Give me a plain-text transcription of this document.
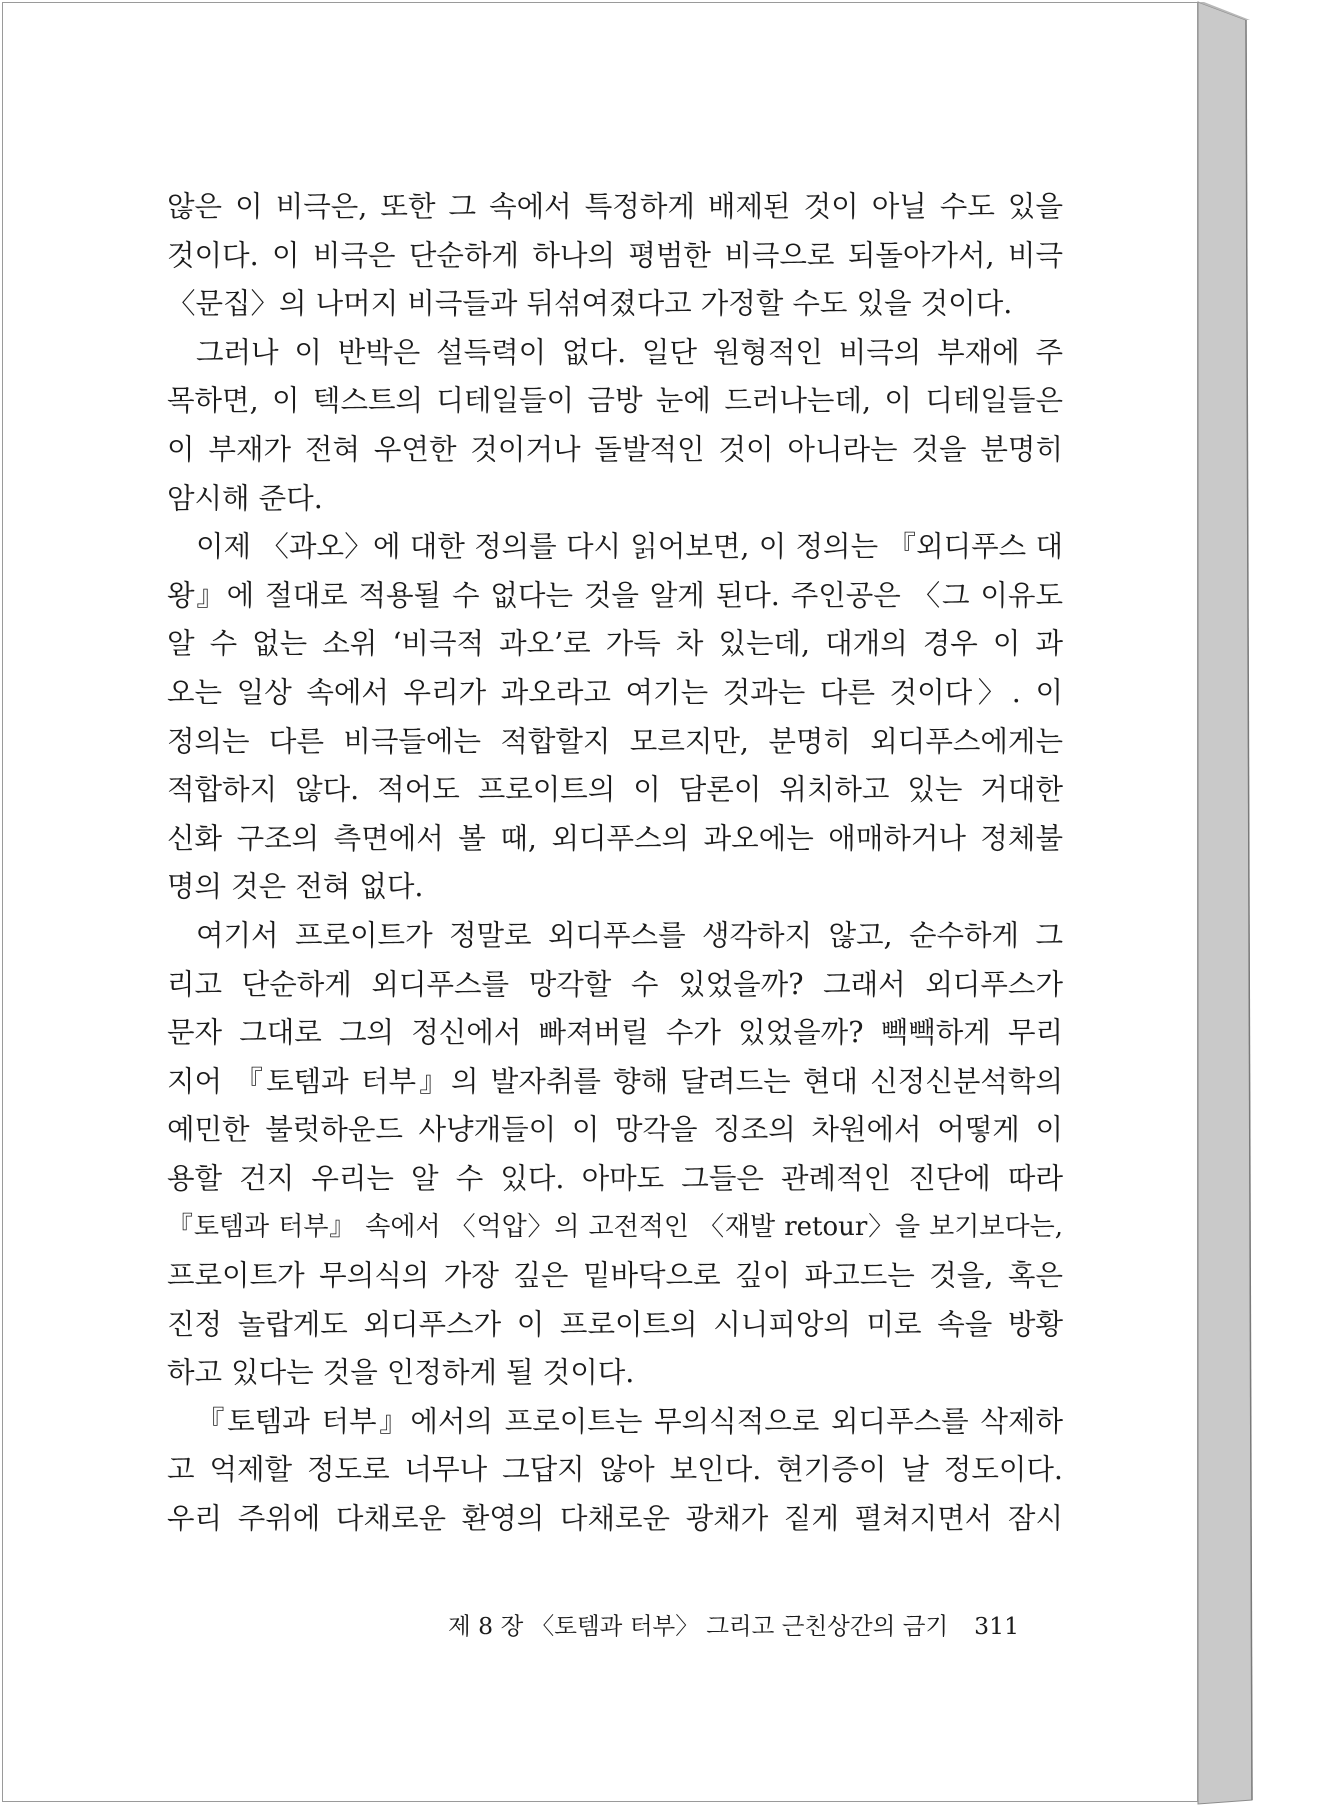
않은 이 비극은, 또한 그 속에서 특정하게 배제된 것이 아닐 수도 있을
것이다. 이 비극은 단순하게 하나의 평범한 비극으로 되돌아가서, 비극
〈문집〉의 나머지 비극들과 뒤섞여졌다고 가정할 수도 있을 것이다.
그러나 이 반박은 설득력이 없다. 일단 원형적인 비극의 부재에 주
목하면, 이 텍스트의 디테일들이 금방 눈에 드러나는데, 이 디테일들은
이 부재가 전혀 우연한 것이거나 돌발적인 것이 아니라는 것을 분명히
암시해 준다.
이제 〈과오〉에 대한 정의를 다시 읽어보면, 이 정의는 『외디푸스 대
왕』에 절대로 적용될 수 없다는 것을 알게 된다. 주인공은 〈그 이유도
알 수 없는 소위 ‘비극적 과오’로 가득 차 있는데, 대개의 경우 이 과
오는 일상 속에서 우리가 과오라고 여기는 것과는 다른 것이다〉. 이
정의는 다른 비극들에는 적합할지 모르지만, 분명히 외디푸스에게는
적합하지 않다. 적어도 프로이트의 이 담론이 위치하고 있는 거대한
신화 구조의 측면에서 볼 때, 외디푸스의 과오에는 애매하거나 정체불
명의 것은 전혀 없다.
여기서 프로이트가 정말로 외디푸스를 생각하지 않고, 순수하게 그
리고 단순하게 외디푸스를 망각할 수 있었을까? 그래서 외디푸스가
문자 그대로 그의 정신에서 빠져버릴 수가 있었을까? 빽빽하게 무리
지어 『토템과 터부』의 발자취를 향해 달려드는 현대 신정신분석학의
예민한 불럿하운드 사냥개들이 이 망각을 징조의 차원에서 어떻게 이
용할 건지 우리는 알 수 있다. 아마도 그들은 관례적인 진단에 따라
『토템과 터부』 속에서 〈억압〉의 고전적인 〈재발 retour〉을 보기보다는,
프로이트가 무의식의 가장 깊은 밑바닥으로 깊이 파고드는 것을, 혹은
진정 놀랍게도 외디푸스가 이 프로이트의 시니피앙의 미로 속을 방황
하고 있다는 것을 인정하게 될 것이다.
『토템과 터부』에서의 프로이트는 무의식적으로 외디푸스를 삭제하
고 억제할 정도로 너무나 그답지 않아 보인다. 현기증이 날 정도이다.
우리 주위에 다채로운 환영의 다채로운 광채가 짙게 펼쳐지면서 잠시
제 8 장 〈토템과 터부〉 그리고 근친상간의 금기 311
